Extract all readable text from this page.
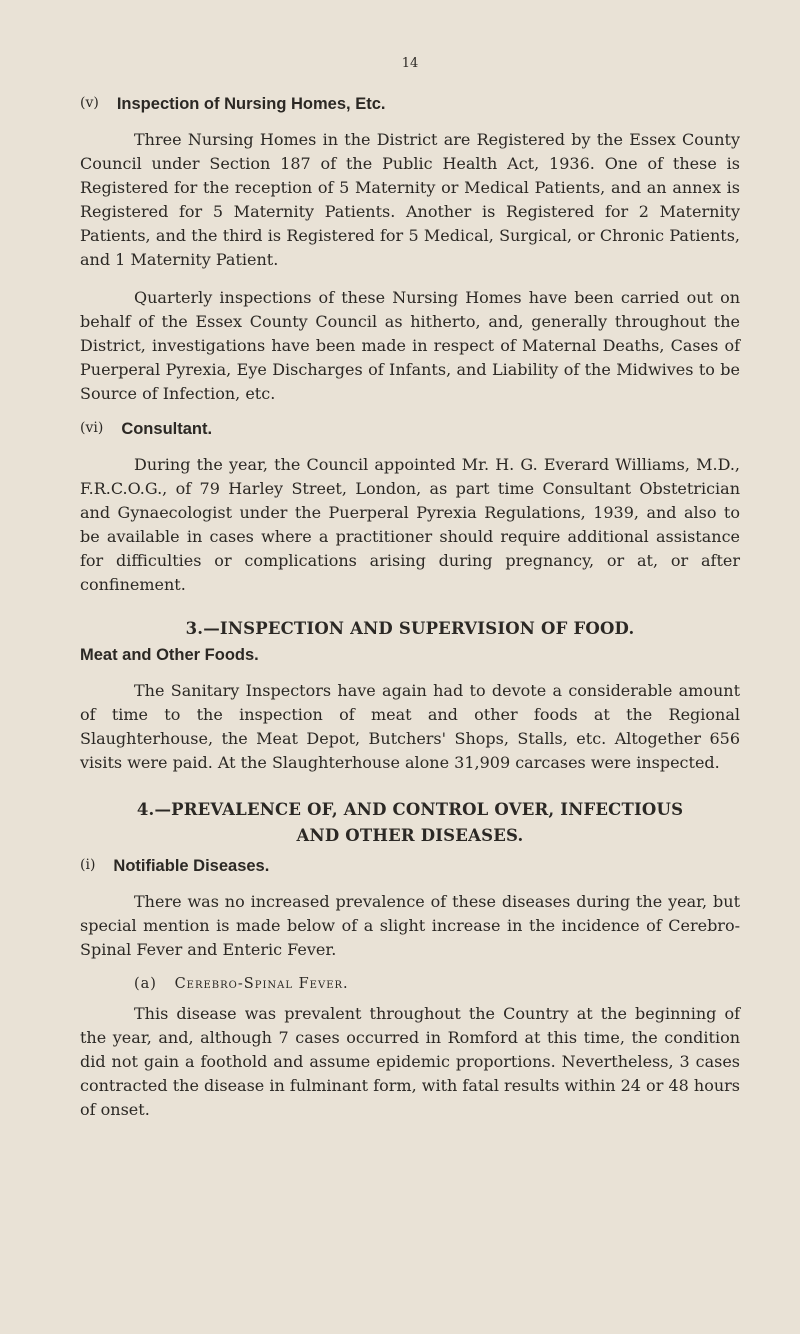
14
(v) Inspection of Nursing Homes, Etc.

Three Nursing Homes in the District are Registered by the Essex County Council under Section 187 of the Public Health Act, 1936. One of these is Registered for the reception of 5 Maternity or Medical Patients, and an annex is Registered for 5 Maternity Patients. Another is Registered for 2 Maternity Patients, and the third is Registered for 5 Medical, Surgical, or Chronic Patients, and 1 Maternity Patient.

Quarterly inspections of these Nursing Homes have been carried out on behalf of the Essex County Council as hitherto, and, generally throughout the District, investigations have been made in respect of Maternal Deaths, Cases of Puerperal Pyrexia, Eye Discharges of Infants, and Liability of the Midwives to be Source of Infection, etc.

(vi) Consultant.

During the year, the Council appointed Mr. H. G. Everard Williams, M.D., F.R.C.O.G., of 79 Harley Street, London, as part time Consultant Obstetrician and Gynaecologist under the Puerperal Pyrexia Regulations, 1939, and also to be available in cases where a practitioner should require additional assistance for difficulties or complications arising during pregnancy, or at, or after confinement.

3.—INSPECTION AND SUPERVISION OF FOOD.
Meat and Other Foods.

The Sanitary Inspectors have again had to devote a considerable amount of time to the inspection of meat and other foods at the Regional Slaughterhouse, the Meat Depot, Butchers' Shops, Stalls, etc. Altogether 656 visits were paid. At the Slaughterhouse alone 31,909 carcases were inspected.

4.—PREVALENCE OF, AND CONTROL OVER, INFECTIOUS
AND OTHER DISEASES.
(i) Notifiable Diseases.

There was no increased prevalence of these diseases during the year, but special mention is made below of a slight increase in the incidence of Cerebro-Spinal Fever and Enteric Fever.

(a) Cerebro-Spinal Fever.

This disease was prevalent throughout the Country at the beginning of the year, and, although 7 cases occurred in Romford at this time, the condition did not gain a foothold and assume epidemic proportions. Nevertheless, 3 cases contracted the disease in fulminant form, with fatal results within 24 or 48 hours of onset.
